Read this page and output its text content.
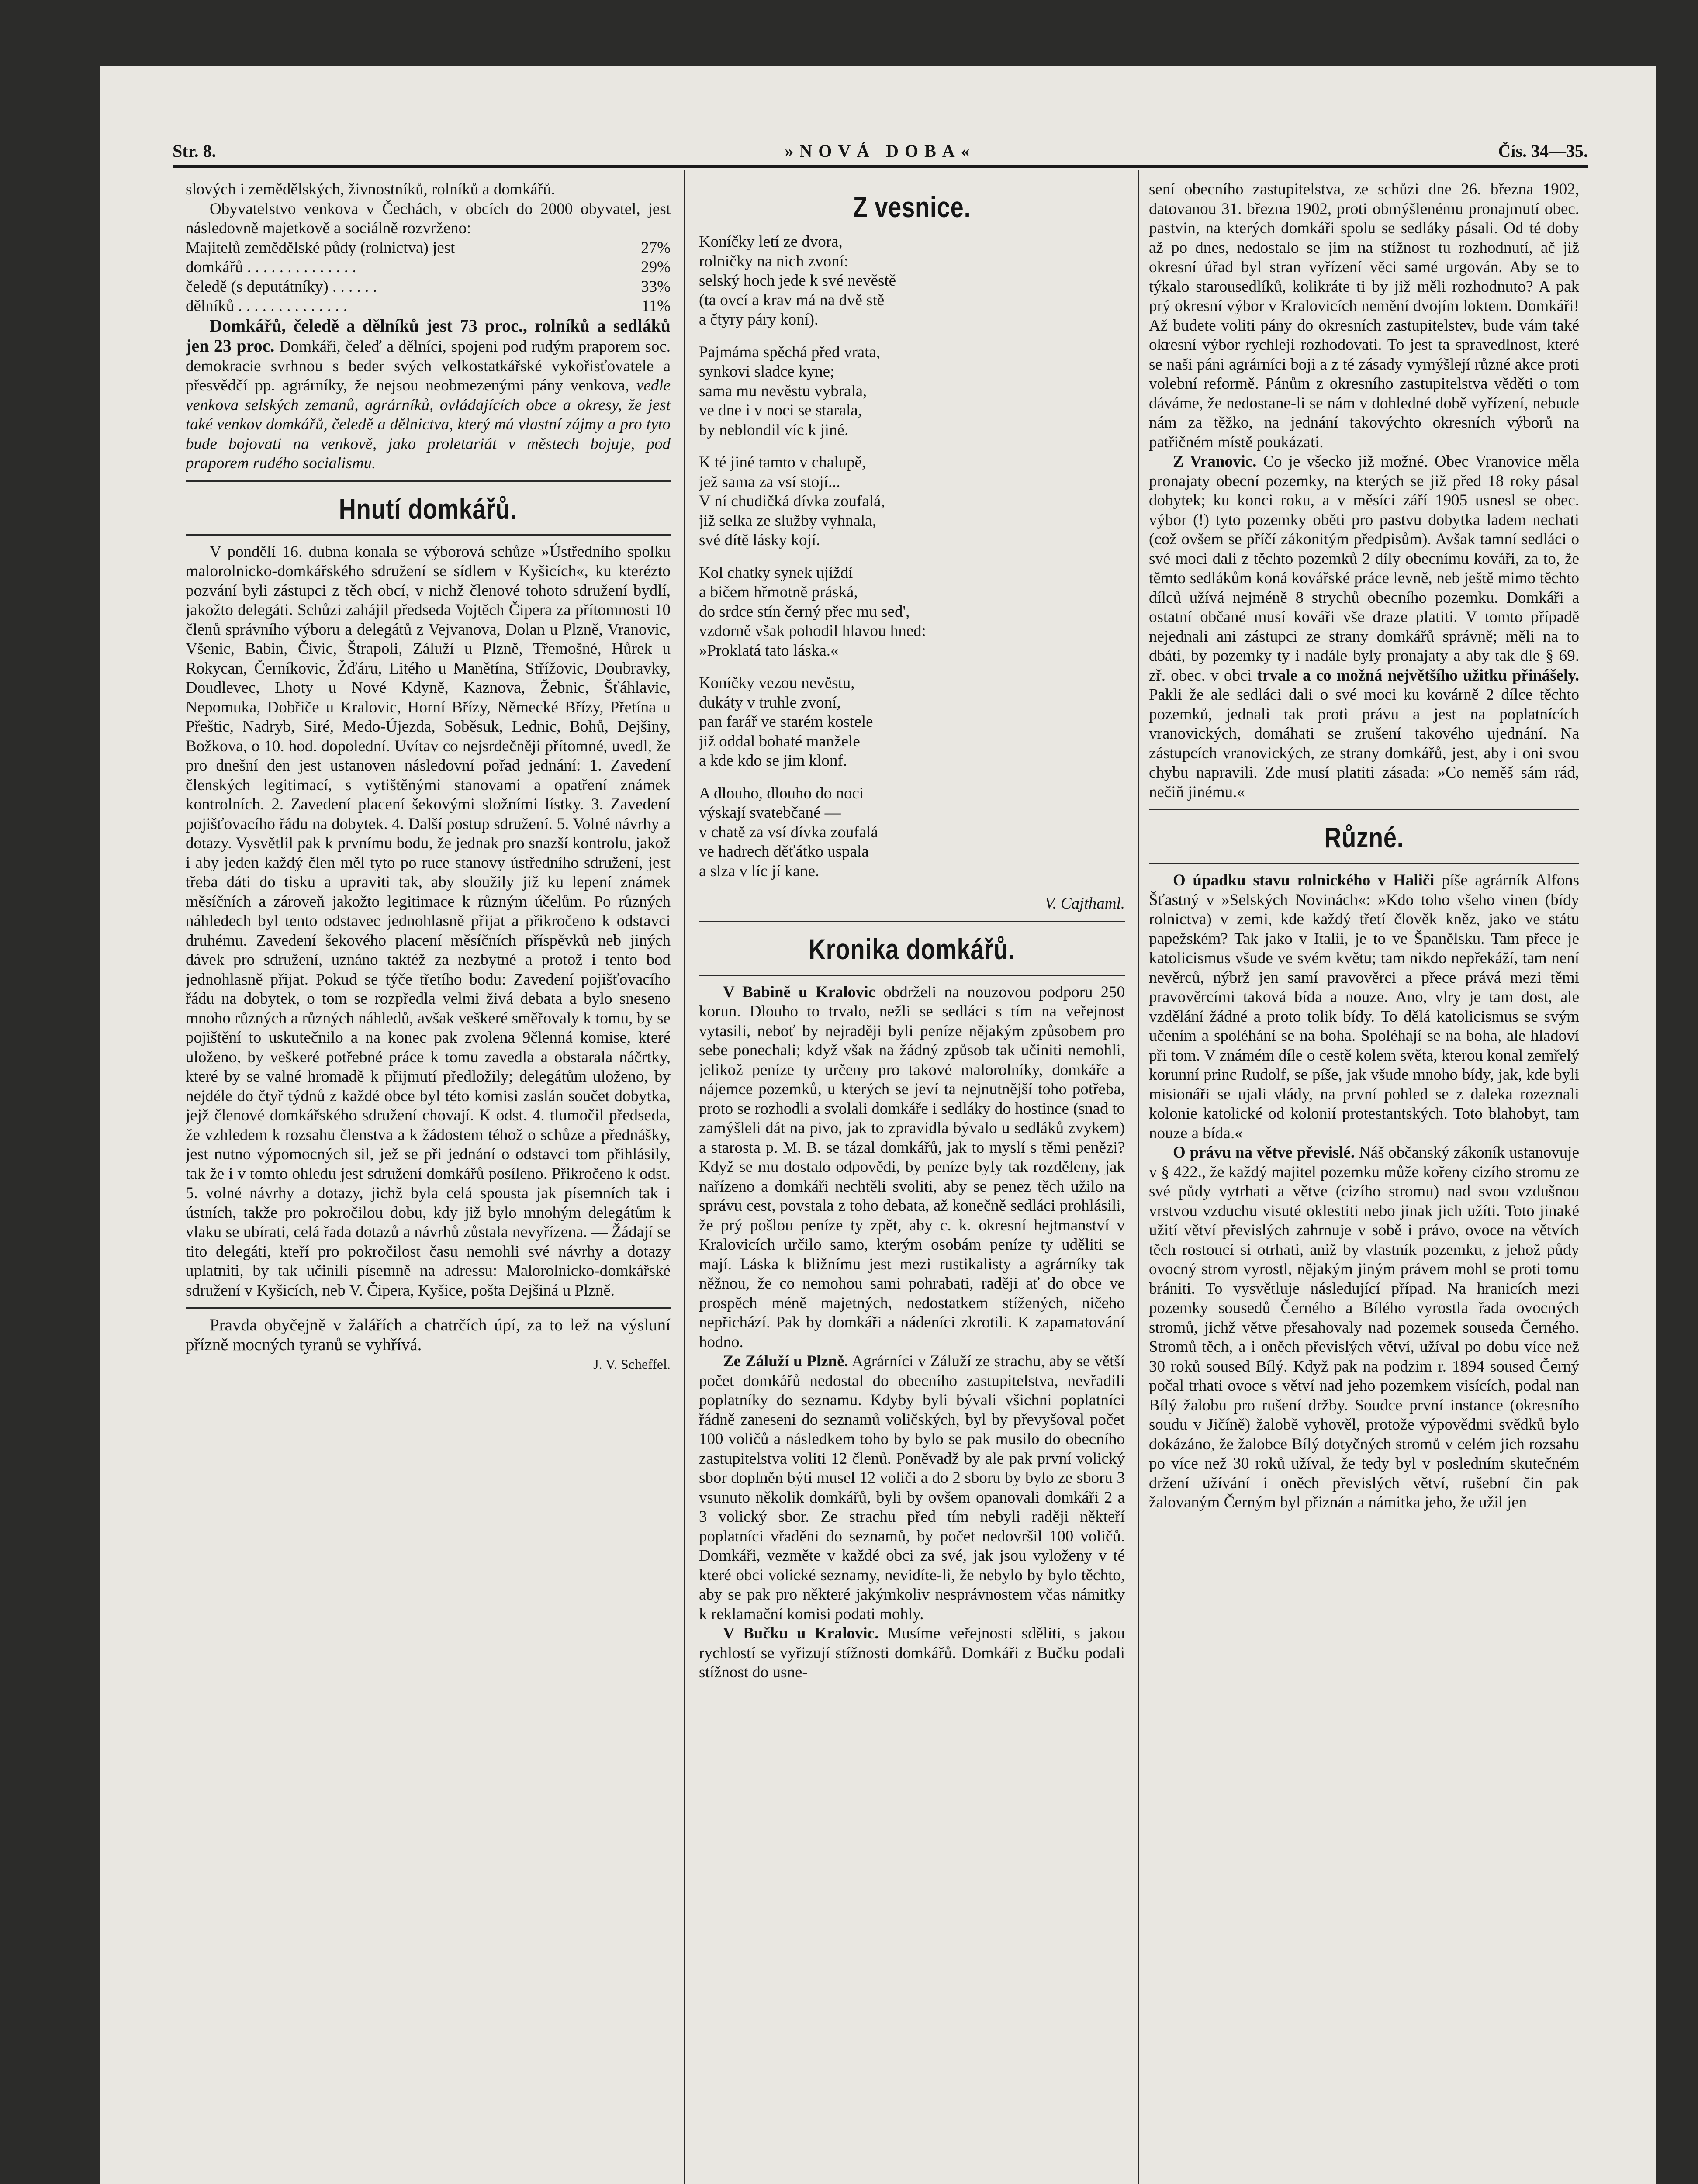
Str. 8.	»NOVÁ DOBA«	Čís. 34—35.

slových i zemědělských, živnostníků, rolníků a domkářů.

Obyvatelstvo venkova v Čechách, v obcích do 2000 obyvatel, jest následovně majetkově a sociálně rozvrženo:

Majitelů zemědělské půdy (rolnictva) jest	27%
domkářů . . . . . . . . . . . . . .	29%
čeledě (s deputátníky) . . . . . .	33%
dělníků . . . . . . . . . . . . . .	11%

Domkářů, čeledě a dělníků jest 73 proc., rolníků a sedláků jen 23 proc. Domkáři, čeleď a dělníci, spojeni pod rudým praporem soc. demokracie svrhnou s beder svých velkostatkářské vykořisťovatele a přesvědčí pp. agrárníky, že nejsou neobmezenými pány venkova, vedle venkova selských zemanů, agrárníků, ovládajících obce a okresy, že jest také venkov domkářů, čeledě a dělnictva, který má vlastní zájmy a pro tyto bude bojovati na venkově, jako proletariát v městech bojuje, pod praporem rudého socialismu.

Hnutí domkářů.

V pondělí 16. dubna konala se výborová schůze »Ústředního spolku malorolnicko-domkářského sdružení se sídlem v Kyšicích«, ku kterézto pozvání byli zástupci z těch obcí, v nichž členové tohoto sdružení bydlí, jakožto delegáti. Schůzi zahájil předseda Vojtěch Čipera za přítomnosti 10 členů správního výboru a delegátů z Vejvanova, Dolan u Plzně, Vranovic, Všenic, Babin, Čivic, Štrapoli, Záluží u Plzně, Třemošné, Hůrek u Rokycan, Černíkovic, Žďáru, Litého u Manětína, Střížovic, Doubravky, Doudlevec, Lhoty u Nové Kdyně, Kaznova, Žebnic, Šťáhlavic, Nepomuka, Dobřiče u Kralovic, Horní Břízy, Německé Břízy, Přetína u Přeštic, Nadryb, Siré, Medo-Újezda, Soběsuk, Lednic, Bohů, Dejšiny, Božkova, o 10. hod. dopolední. Uvítav co nejsrdečněji přítomné, uvedl, že pro dnešní den jest ustanoven následovní pořad jednání: 1. Zavedení členských legitimací, s vytištěnými stanovami a opatření známek kontrolních. 2. Zavedení placení šekovými složními lístky. 3. Zavedení pojišťovacího řádu na dobytek. 4. Další postup sdružení. 5. Volné návrhy a dotazy. Vysvětlil pak k prvnímu bodu, že jednak pro snazší kontrolu, jakož i aby jeden každý člen měl tyto po ruce stanovy ústředního sdružení, jest třeba dáti do tisku a upraviti tak, aby sloužily již ku lepení známek měsíčních a zároveň jakožto legitimace k různým účelům. Po různých náhledech byl tento odstavec jednohlasně přijat a přikročeno k odstavci druhému. Zavedení šekového placení měsíčních příspěvků neb jiných dávek pro sdružení, uznáno taktéž za nezbytné a protož i tento bod jednohlasně přijat. Pokud se týče třetího bodu: Zavedení pojišťovacího řádu na dobytek, o tom se rozpředla velmi živá debata a bylo sneseno mnoho různých a různých náhledů, avšak veškeré směřovaly k tomu, by se pojištění to uskutečnilo a na konec pak zvolena 9členná komise, které uloženo, by veškeré potřebné práce k tomu zavedla a obstarala náčrtky, které by se valné hromadě k přijmutí předložily; delegátům uloženo, by nejdéle do čtyř týdnů z každé obce byl této komisi zaslán součet dobytka, jejž členové domkářského sdružení chovají. K odst. 4. tlumočil předseda, že vzhledem k rozsahu členstva a k žádostem téhož o schůze a přednášky, jest nutno výpomocných sil, jež se při jednání o odstavci tom přihlásily, tak že i v tomto ohledu jest sdružení domkářů posíleno. Přikročeno k odst. 5. volné návrhy a dotazy, jichž byla celá spousta jak písemních tak i ústních, takže pro pokročilou dobu, kdy již bylo mnohým delegátům k vlaku se ubírati, celá řada dotazů a návrhů zůstala nevyřízena. — Žádají se tito delegáti, kteří pro pokročilost času nemohli své návrhy a dotazy uplatniti, by tak učinili písemně na adressu: Malorolnicko-domkářské sdružení v Kyšicích, neb V. Čipera, Kyšice, pošta Dejšiná u Plzně.

Pravda obyčejně v žalářích a chatrčích úpí, za to lež na výsluní přízně mocných tyranů se vyhřívá.

J. V. Scheffel.
Z vesnice.

Koníčky letí ze dvora,

rolničky na nich zvoní:

selský hoch jede k své nevěstě

(ta ovcí a krav má na dvě stě

a čtyry páry koní).

Pajmáma spěchá před vrata,

synkovi sladce kyne;

sama mu nevěstu vybrala,

ve dne i v noci se starala,

by neblondil víc k jiné.

K té jiné tamto v chalupě,

jež sama za vsí stojí...

V ní chudičká dívka zoufalá,

již selka ze služby vyhnala,

své dítě lásky kojí.

Kol chatky synek ujíždí

a bičem hřmotně práská,

do srdce stín černý přec mu sed',

vzdorně však pohodil hlavou hned:

»Proklatá tato láska.«

Koníčky vezou nevěstu,

dukáty v truhle zvoní,

pan farář ve starém kostele

již oddal bohaté manžele

a kde kdo se jim klonf.

A dlouho, dlouho do noci

výskají svatebčané —

v chatě za vsí dívka zoufalá

ve hadrech děťátko uspala

a slza v líc jí kane.

V. Cajthaml.
Kronika domkářů.

V Babině u Kralovic obdrželi na nouzovou podporu 250 korun. Dlouho to trvalo, nežli se sedláci s tím na veřejnost vytasili, neboť by nejraději byli peníze nějakým způsobem pro sebe ponechali; když však na žádný způsob tak učiniti nemohli, jelikož peníze ty určeny pro takové malorolníky, domkáře a nájemce pozemků, u kterých se jeví ta nejnutnější toho potřeba, proto se rozhodli a svolali domkáře i sedláky do hostince (snad to zamýšleli dát na pivo, jak to zpravidla bývalo u sedláků zvykem) a starosta p. M. B. se tázal domkářů, jak to myslí s těmi penězi? Když se mu dostalo odpovědi, by peníze byly tak rozděleny, jak nařízeno a domkáři nechtěli svoliti, aby se penez těch užilo na správu cest, povstala z toho debata, až konečně sedláci prohlásili, že prý pošlou peníze ty zpět, aby c. k. okresní hejtmanství v Kralovicích určilo samo, kterým osobám peníze ty uděliti se mají. Láska k bližnímu jest mezi rustikalisty a agrárníky tak něžnou, že co nemohou sami pohrabati, raději ať do obce ve prospěch méně majetných, nedostatkem stížených, ničeho nepřichází. Pak by domkáři a nádeníci zkrotili. K zapamatování hodno.

Ze Záluží u Plzně. Agrárníci v Záluží ze strachu, aby se větší počet domkářů nedostal do obecního zastupitelstva, nevřadili poplatníky do seznamu. Kdyby byli bývali všichni poplatníci řádně zaneseni do seznamů voličských, byl by převyšoval počet 100 voličů a následkem toho by bylo se pak musilo do obecního zastupitelstva voliti 12 členů. Poněvadž by ale pak první volický sbor doplněn býti musel 12 voliči a do 2 sboru by bylo ze sboru 3 vsunuto několik domkářů, byli by ovšem opanovali domkáři 2 a 3 volický sbor. Ze strachu před tím nebyli raději někteří poplatníci vřaděni do seznamů, by počet nedovršil 100 voličů. Domkáři, vezměte v každé obci za své, jak jsou vyloženy v té které obci volické seznamy, nevidíte-li, že nebylo by bylo těchto, aby se pak pro některé jakýmkoliv nesprávnostem včas námitky k reklamační komisi podati mohly.

V Bučku u Kralovic. Musíme veřejnosti sděliti, s jakou rychlostí se vyřizují stížnosti domkářů. Domkáři z Bučku podali stížnost do usne-

sení obecního zastupitelstva, ze schůzi dne 26. března 1902, datovanou 31. března 1902, proti obmýšlenému pronajmutí obec. pastvin, na kterých domkáři spolu se sedláky pásali. Od té doby až po dnes, nedostalo se jim na stížnost tu rozhodnutí, ač již okresní úřad byl stran vyřízení věci samé urgován. Aby se to týkalo starousedlíků, kolikráte ti by již měli rozhodnuto? A pak prý okresní výbor v Kralovicích nemění dvojím loktem. Domkáři! Až budete voliti pány do okresních zastupitelstev, bude vám také okresní výbor rychleji rozhodovati. To jest ta spravedlnost, které se naši páni agrárníci boji a z té zásady vymýšlejí různé akce proti volební reformě. Pánům z okresního zastupitelstva věděti o tom dáváme, že nedostane-li se nám v dohledné době vyřízení, nebude nám za těžko, na jednání takovýchto okresních výborů na patřičném místě poukázati.

Z Vranovic. Co je všecko již možné. Obec Vranovice měla pronajaty obecní pozemky, na kterých se již před 18 roky pásal dobytek; ku konci roku, a v měsíci září 1905 usnesl se obec. výbor (!) tyto pozemky oběti pro pastvu dobytka ladem nechati (což ovšem se příčí zákonitým předpisům). Avšak tamní sedláci o své moci dali z těchto pozemků 2 díly obecnímu kováři, za to, že těmto sedlákům koná kovářské práce levně, neb ještě mimo těchto dílců užívá nejméně 8 strychů obecního pozemku. Domkáři a ostatní občané musí kováři vše draze platiti. V tomto případě nejednali ani zástupci ze strany domkářů správně; měli na to dbáti, by pozemky ty i nadále byly pronajaty a aby tak dle § 69. zř. obec. v obci trvale a co možná největšího užitku přinášely. Pakli že ale sedláci dali o své moci ku kovárně 2 dílce těchto pozemků, jednali tak proti právu a jest na poplatnících vranovických, domáhati se zrušení takového ujednání. Na zástupcích vranovických, ze strany domkářů, jest, aby i oni svou chybu napravili. Zde musí platiti zásada: »Co neměš sám rád, nečiň jinému.«

Různé.

O úpadku stavu rolnického v Haliči píše agrárník Alfons Šťastný v »Selských Novinách«: »Kdo toho všeho vinen (bídy rolnictva) v zemi, kde každý třetí člověk kněz, jako ve státu papežském? Tak jako v Italii, je to ve Španělsku. Tam přece je katolicismus všude ve svém květu; tam nikdo nepřekáží, tam není nevěrců, nýbrž jen samí pravověrci a přece prává mezi těmi pravověrcími taková bída a nouze. Ano, vlry je tam dost, ale vzdělání žádné a proto tolik bídy. To dělá katolicismus se svým učením a spoléhání se na boha. Spoléhají se na boha, ale hladoví při tom. V známém díle o cestě kolem světa, kterou konal zemřelý korunní princ Rudolf, se píše, jak všude mnoho bídy, jak, kde byli misionáři se ujali vlády, na první pohled se z daleka rozeznali kolonie katolické od kolonií protestantských. Toto blahobyt, tam nouze a bída.«

O právu na větve převislé. Náš občanský zákoník ustanovuje v § 422., že každý majitel pozemku může kořeny cizího stromu ze své půdy vytrhati a větve (cizího stromu) nad svou vzdušnou vrstvou vzduchu visuté oklestiti nebo jinak jich užíti. Toto jinaké užití větví převislých zahrnuje v sobě i právo, ovoce na větvích těch rostoucí si otrhati, aniž by vlastník pozemku, z jehož půdy ovocný strom vyrostl, nějakým jiným právem mohl se proti tomu brániti. To vysvětluje následující případ. Na hranicích mezi pozemky sousedů Černého a Bílého vyrostla řada ovocných stromů, jichž větve přesahovaly nad pozemek souseda Černého. Stromů těch, a i oněch převislých větví, užíval po dobu více než 30 roků soused Bílý. Když pak na podzim r. 1894 soused Černý počal trhati ovoce s větví nad jeho pozemkem visících, podal nan Bílý žalobu pro rušení držby. Soudce první instance (okresního soudu v Jičíně) žalobě vyhověl, protože výpovědmi svědků bylo dokázáno, že žalobce Bílý dotyčných stromů v celém jich rozsahu po více než 30 roků užíval, že tedy byl v posledním skutečném držení užívání i oněch převislých větví, rušební čin pak žalovaným Černým byl přiznán a námitka jeho, že užil jen
